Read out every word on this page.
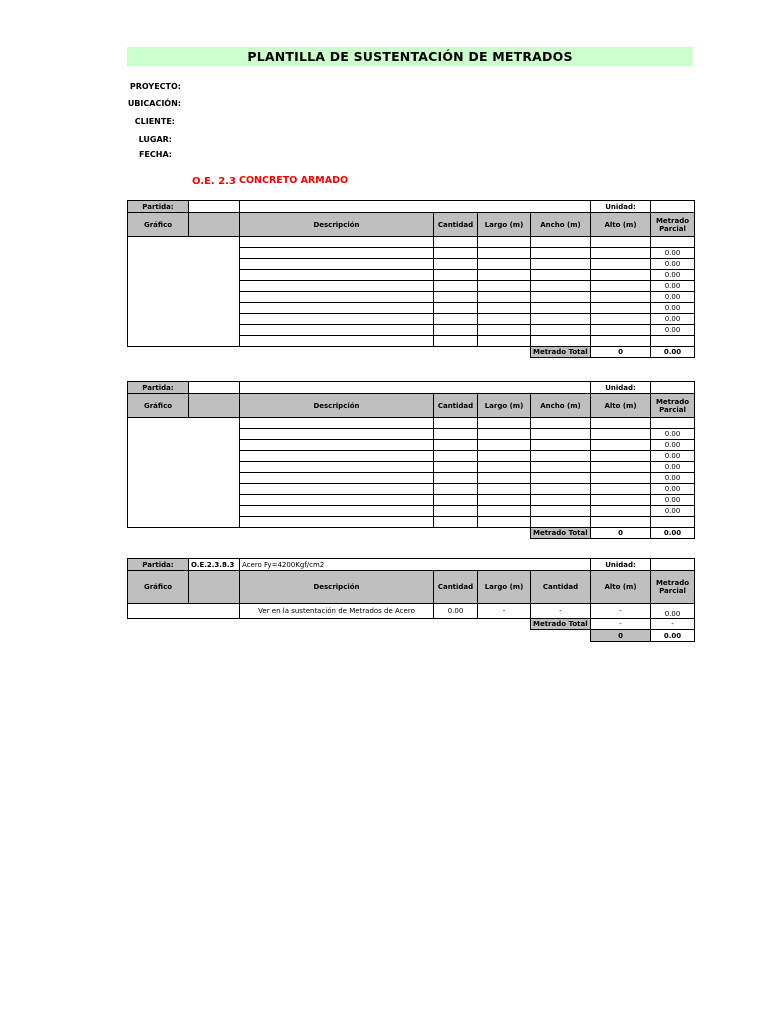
PLANTILLA DE SUSTENTACIÓN DE METRADOS
PROYECTO:
UBICACIÓN:
CLIENTE:
LUGAR:
FECHA:
O.E. 2.3 CONCRETO ARMADO
Partida:						Unidad:	
Gráfico		Descripción	Cantidad	Largo (m)	Ancho (m)	Alto (m)	Metrado Parcial

							0.00
							0.00
							0.00
							0.00
							0.00
							0.00
							0.00
							0.00

					Metrado Total	0	0.00
Partida:						Unidad:	
Gráfico		Descripción	Cantidad	Largo (m)	Ancho (m)	Alto (m)	Metrado Parcial

							0.00
							0.00
							0.00
							0.00
							0.00
							0.00
							0.00
							0.00

					Metrado Total	0	0.00
Partida:	O.E.2.3.8.3	Acero Fy=4200Kgf/cm2				Unidad:	
Gráfico		Descripción	Cantidad	Largo (m)	Cantidad	Alto (m)	Metrado Parcial
		Ver en la sustentación de Metrados de Acero	0.00	-	-	-	0.00
					Metrado Total	-	-
						0	0.00
